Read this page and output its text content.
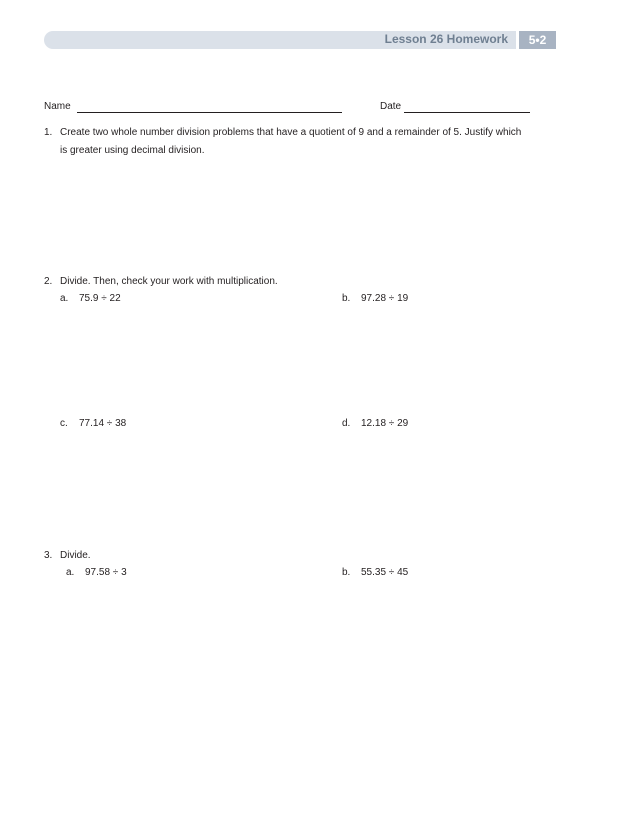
Lesson 26 Homework	5•2
Name	Date
1. Create two whole number division problems that have a quotient of 9 and a remainder of 5. Justify which
is greater using decimal division.
2. Divide. Then, check your work with multiplication.
a. 75.9 ÷ 22	b. 97.28 ÷ 19
c. 77.14 ÷ 38	d. 12.18 ÷ 29
3. Divide.
a. 97.58 ÷ 3	b. 55.35 ÷ 45
